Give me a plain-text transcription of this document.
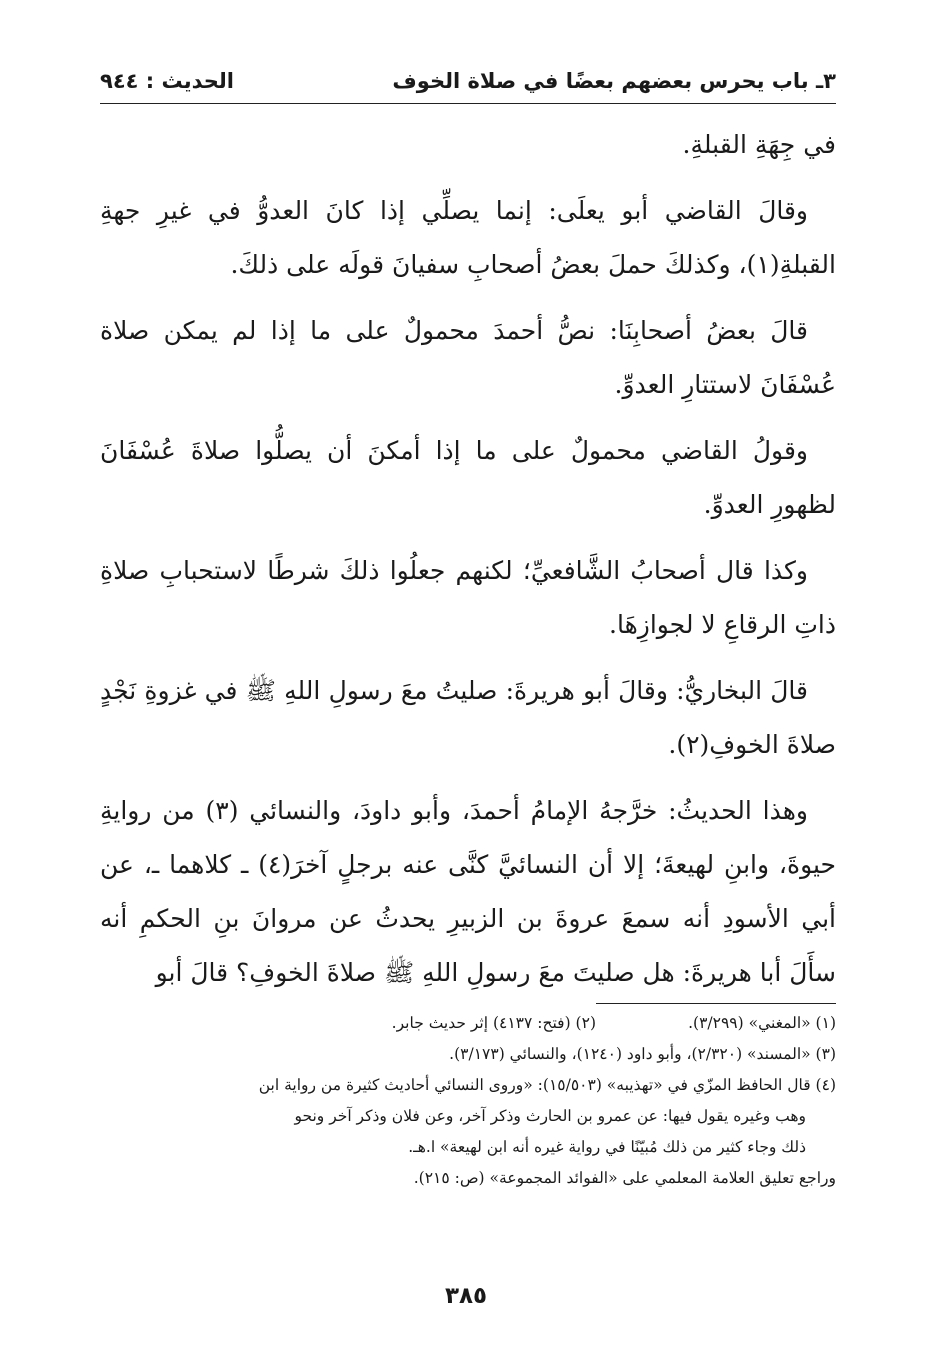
٣ـ باب يحرس بعضهم بعضًا في صلاة الخوف
الحديث : ٩٤٤

في جِهَةِ القبلةِ.

وقالَ القاضي أبو يعلَى: إنما يصلِّي إذا كانَ العدوُّ في غيرِ جهةِ القبلةِ(١)، وكذلكَ حملَ بعضُ أصحابِ سفيانَ قولَه على ذلكَ.

قالَ بعضُ أصحابِنَا: نصُّ أحمدَ محمولٌ على ما إذا لم يمكن صلاة عُسْفَانَ لاستتارِ العدوِّ.

وقولُ القاضي محمولٌ على ما إذا أمكنَ أن يصلُّوا صلاةَ عُسْفَانَ لظهورِ العدوِّ.

وكذا قال أصحابُ الشَّافعيِّ؛ لكنهم جعلُوا ذلكَ شرطًا لاستحبابِ صلاةِ ذاتِ الرقاعِ لا لجوازِهَا.

قالَ البخاريُّ: وقالَ أبو هريرةَ: صليتُ معَ رسولِ اللهِ ﷺ في غزوةِ نَجْدٍ صلاةَ الخوفِ(٢).

وهذا الحديثُ: خرَّجهُ الإمامُ أحمدَ، وأبو داودَ، والنسائي (٣) من روايةِ حيوةَ، وابنِ لهيعةَ؛ إلا أن النسائيَّ كنَّى عنه برجلٍ آخرَ(٤) ـ كلاهما ـ، عن أبي الأسودِ أنه سمعَ عروةَ بن الزبيرِ يحدثُ عن مروانَ بنِ الحكمِ أنه سأَلَ أبا هريرةَ: هل صليتَ معَ رسولِ اللهِ ﷺ صلاةَ الخوفِ؟ قالَ أبو

(١) «المغني» (٣/٢٩٩).
(٢) (فتح: ٤١٣٧) إثر حديث جابر.
(٣) «المسند» (٢/٣٢٠)، وأبو داود (١٢٤٠)، والنسائي (٣/١٧٣).
(٤) قال الحافظ المزّي في «تهذيبه» (١٥/٥٠٣): «وروى النسائي أحاديث كثيرة من رواية ابن
وهب وغيره يقول فيها: عن عمرو بن الحارث وذكر آخر، وعن فلان وذكر آخر ونحو
ذلك وجاء كثير من ذلك مُبيّنًا في رواية غيره أنه ابن لهيعة» ا.هـ.
وراجع تعليق العلامة المعلمي على «الفوائد المجموعة» (ص: ٢١٥).
٣٨٥
